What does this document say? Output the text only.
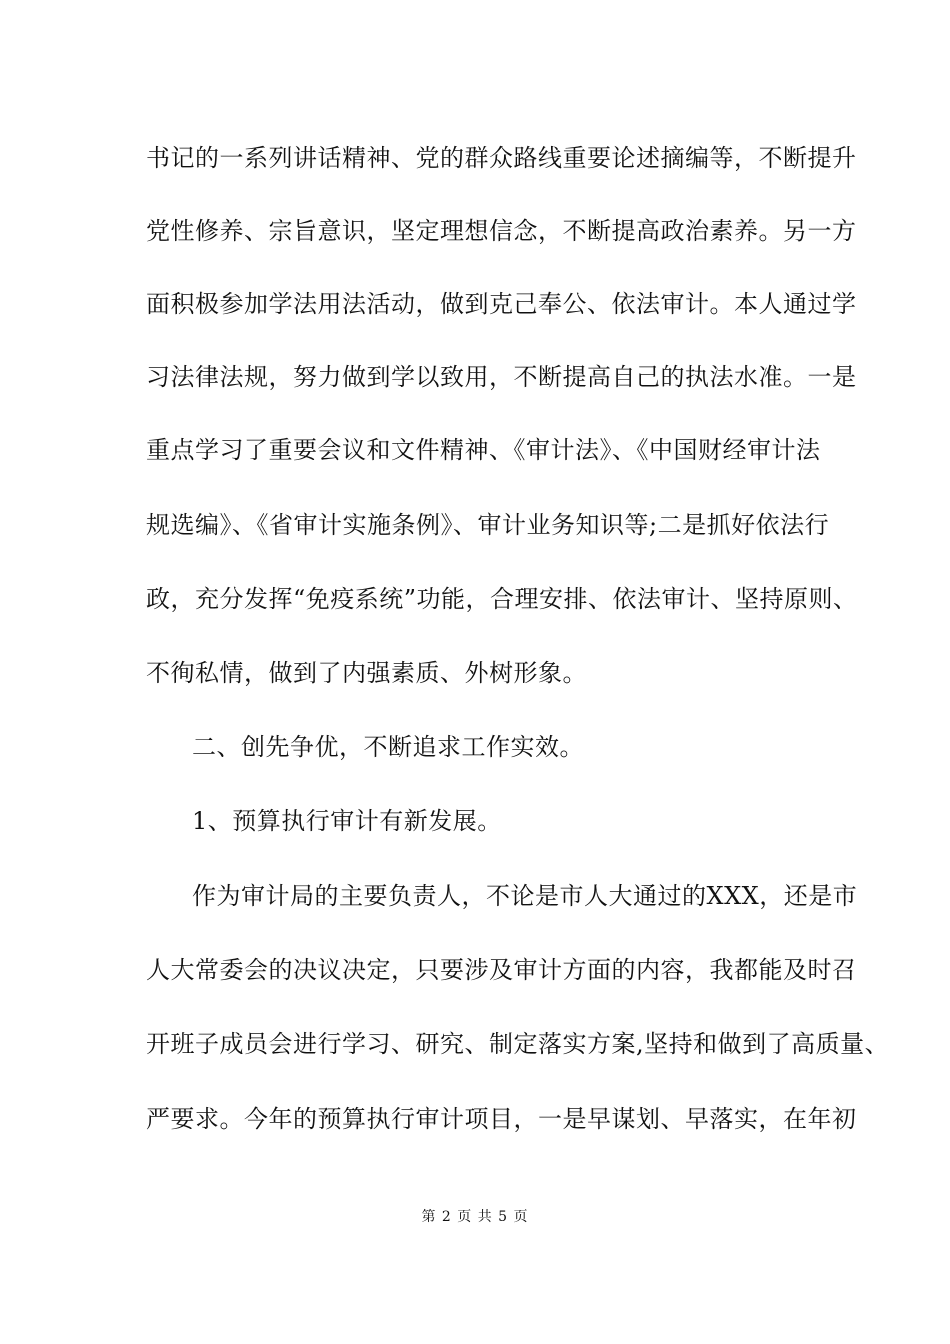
书记的一系列讲话精神、党的群众路线重要论述摘编等，不断提升
党性修养、宗旨意识，坚定理想信念，不断提高政治素养。另一方
面积极参加学法用法活动，做到克己奉公、依法审计。本人通过学
习法律法规，努力做到学以致用，不断提高自己的执法水准。一是
重点学习了重要会议和文件精神、《审计法》、《中国财经审计法
规选编》、《省审计实施条例》、审计业务知识等;二是抓好依法行
政，充分发挥“免疫系统”功能，合理安排、依法审计、坚持原则、
不徇私情，做到了内强素质、外树形象。
二、创先争优，不断追求工作实效。
1、预算执行审计有新发展。
作为审计局的主要负责人，不论是市人大通过的XXX，还是市
人大常委会的决议决定，只要涉及审计方面的内容，我都能及时召
开班子成员会进行学习、研究、制定落实方案,坚持和做到了高质量、
严要求。今年的预算执行审计项目，一是早谋划、早落实，在年初
第 2 页 共 5 页
